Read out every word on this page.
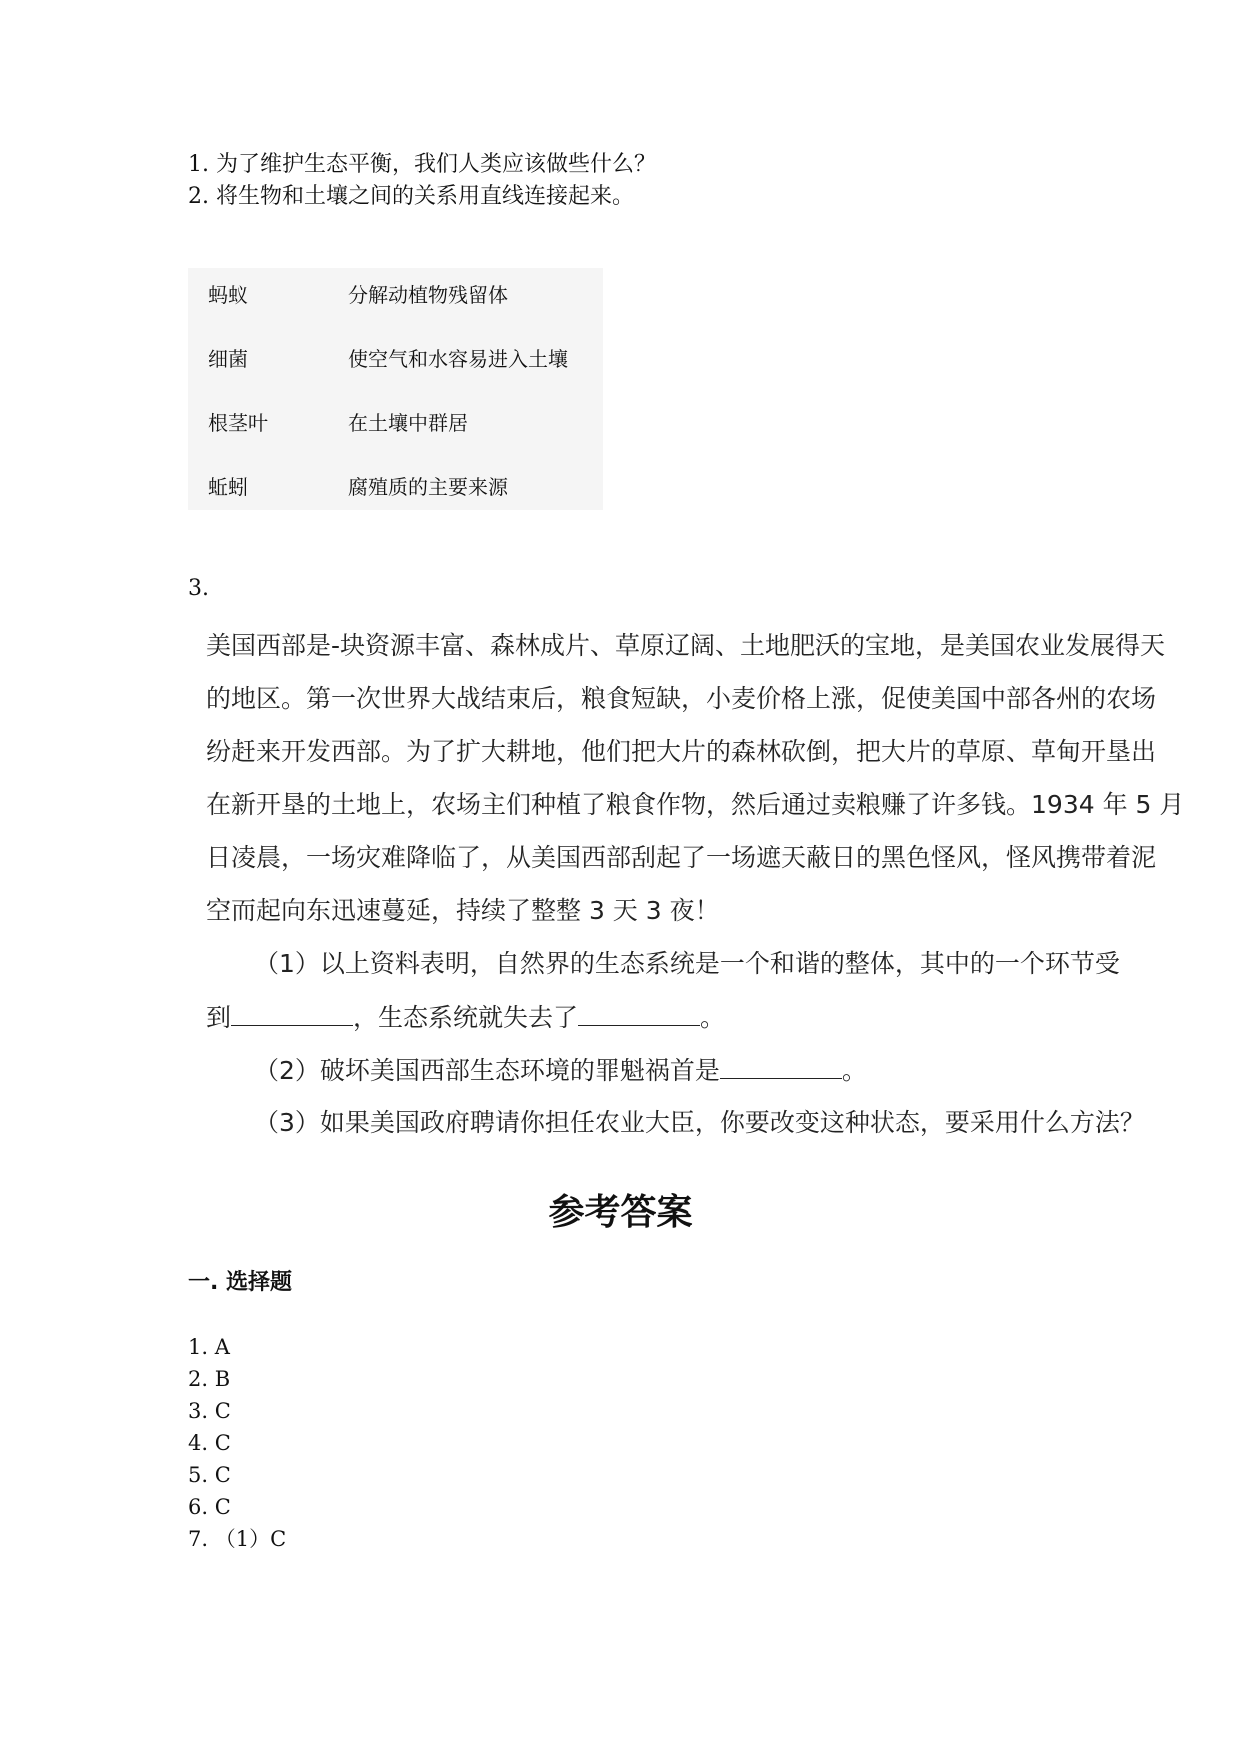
1. 为了维护生态平衡，我们人类应该做些什么？
2. 将生物和土壤之间的关系用直线连接起来。
蚂蚁	分解动植物残留体
细菌	使空气和水容易进入土壤
根茎叶	在土壤中群居
蚯蚓	腐殖质的主要来源
3.
美国西部是-块资源丰富、森林成片、草原辽阔、土地肥沃的宝地，是美国农业发展得天
的地区。第一次世界大战结束后，粮食短缺，小麦价格上涨，促使美国中部各州的农场
纷赶来开发西部。为了扩大耕地，他们把大片的森林砍倒，把大片的草原、草甸开垦出
在新开垦的土地上，农场主们种植了粮食作物，然后通过卖粮赚了许多钱。1934 年 5 月
日凌晨，一场灾难降临了，从美国西部刮起了一场遮天蔽日的黑色怪风，怪风携带着泥
空而起向东迅速蔓延，持续了整整 3 天 3 夜！
（1）以上资料表明，自然界的生态系统是一个和谐的整体，其中的一个环节受
到	，生态系统就失去了	。
（2）破坏美国西部生态环境的罪魁祸首是	。
（3）如果美国政府聘请你担任农业大臣，你要改变这种状态，要采用什么方法？
参考答案
一. 选择题
1. A
2. B
3. C
4. C
5. C
6. C
7. （1）C
